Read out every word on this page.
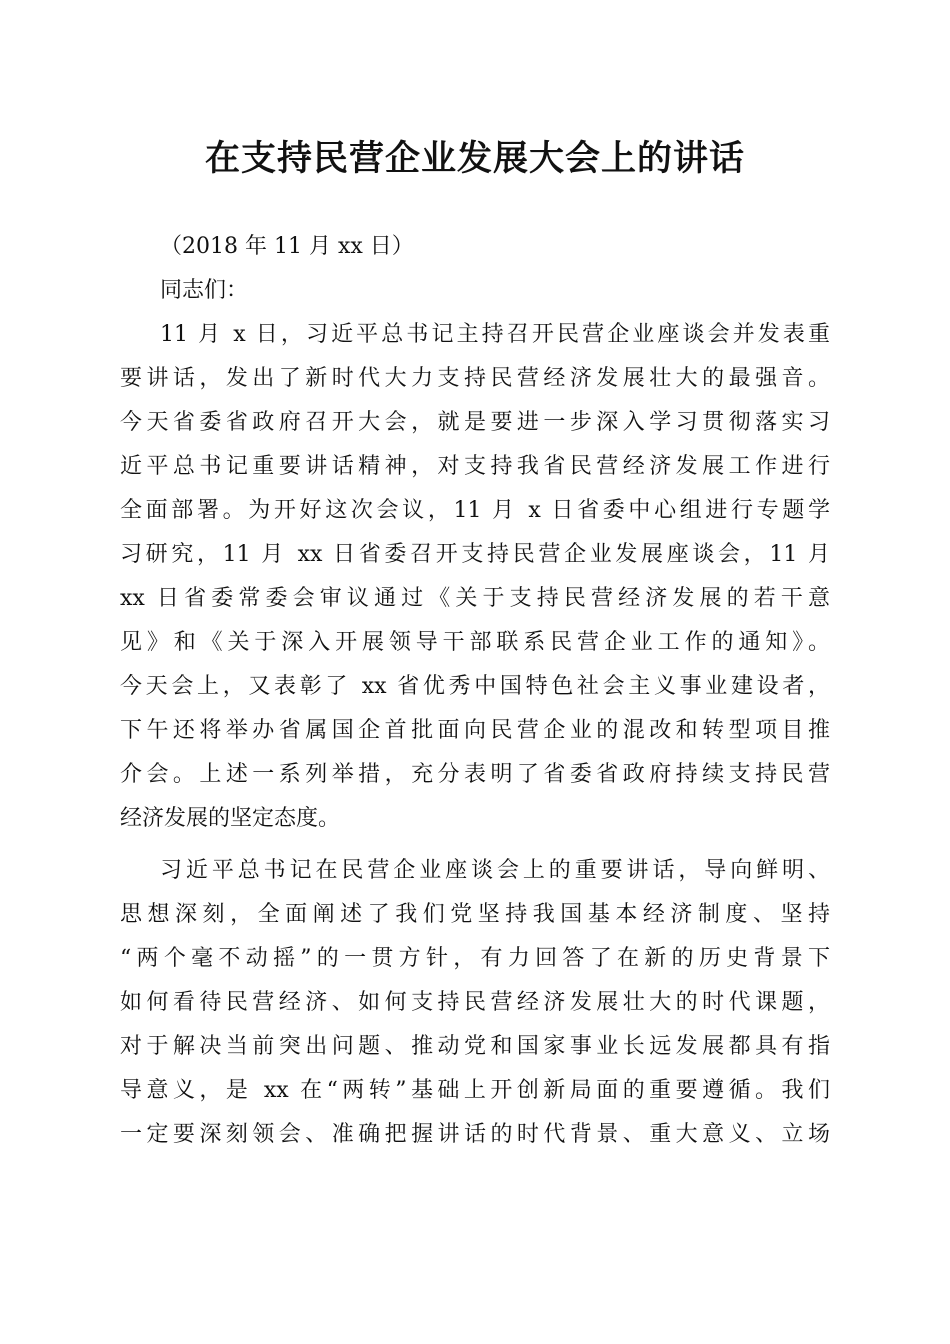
在支持民营企业发展大会上的讲话
（2018 年 11 月 xx 日）
同志们：
11 月 x 日，习近平总书记主持召开民营企业座谈会并发表重
要讲话，发出了新时代大力支持民营经济发展壮大的最强音。
今天省委省政府召开大会，就是要进一步深入学习贯彻落实习
近平总书记重要讲话精神，对支持我省民营经济发展工作进行
全面部署。为开好这次会议，11 月 x 日省委中心组进行专题学
习研究，11 月 xx 日省委召开支持民营企业发展座谈会，11 月
xx 日省委常委会审议通过《关于支持民营经济发展的若干意
见》和《关于深入开展领导干部联系民营企业工作的通知》。
今天会上，又表彰了 xx 省优秀中国特色社会主义事业建设者，
下午还将举办省属国企首批面向民营企业的混改和转型项目推
介会。上述一系列举措，充分表明了省委省政府持续支持民营
经济发展的坚定态度。
习近平总书记在民营企业座谈会上的重要讲话，导向鲜明、
思想深刻，全面阐述了我们党坚持我国基本经济制度、坚持
“两个毫不动摇”的一贯方针，有力回答了在新的历史背景下
如何看待民营经济、如何支持民营经济发展壮大的时代课题，
对于解决当前突出问题、推动党和国家事业长远发展都具有指
导意义，是 xx 在“两转”基础上开创新局面的重要遵循。我们
一定要深刻领会、准确把握讲话的时代背景、重大意义、立场
